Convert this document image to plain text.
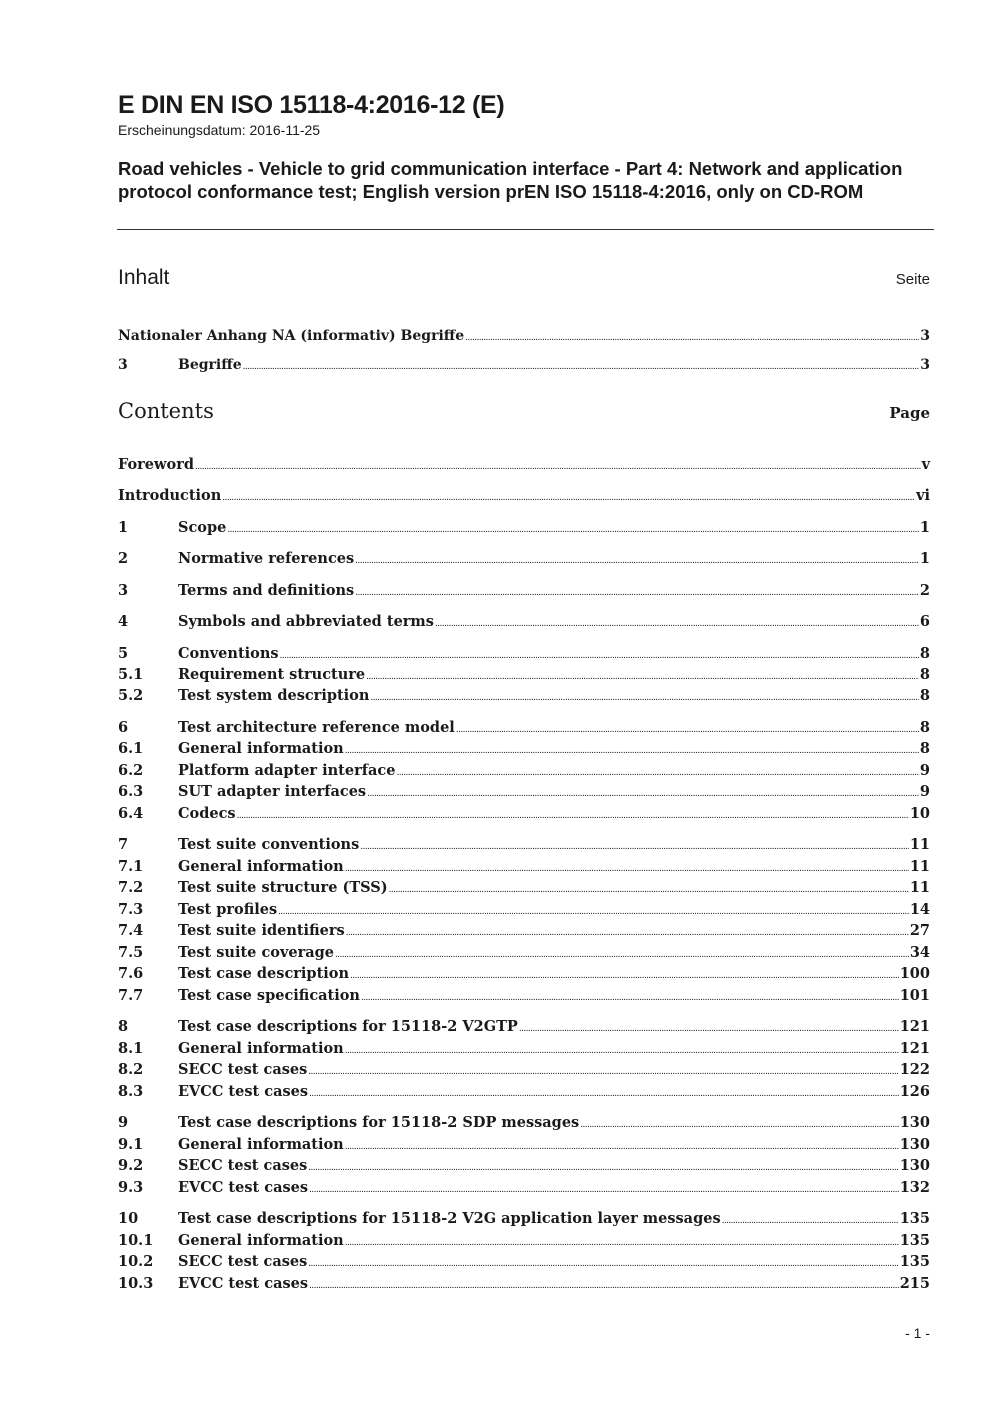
E DIN EN ISO 15118-4:2016-12 (E)
Erscheinungsdatum: 2016-11-25
Road vehicles - Vehicle to grid communication interface - Part 4: Network and application protocol conformance test; English version prEN ISO 15118-4:2016, only on CD-ROM
Inhalt	Seite
Nationaler Anhang NA (informativ) Begriffe .....	3
3	Begriffe .....	3
Contents	Page
Foreword .....	v
Introduction .....	vi
1	Scope .....	1
2	Normative references .....	1
3	Terms and definitions .....	2
4	Symbols and abbreviated terms .....	6
5	Conventions .....	8
5.1	Requirement structure .....	8
5.2	Test system description .....	8
6	Test architecture reference model .....	8
6.1	General information .....	8
6.2	Platform adapter interface .....	9
6.3	SUT adapter interfaces .....	9
6.4	Codecs .....	10
7	Test suite conventions .....	11
7.1	General information .....	11
7.2	Test suite structure (TSS) .....	11
7.3	Test profiles .....	14
7.4	Test suite identifiers .....	27
7.5	Test suite coverage .....	34
7.6	Test case description .....	100
7.7	Test case specification .....	101
8	Test case descriptions for 15118-2 V2GTP .....	121
8.1	General information .....	121
8.2	SECC test cases .....	122
8.3	EVCC test cases .....	126
9	Test case descriptions for 15118-2 SDP messages .....	130
9.1	General information .....	130
9.2	SECC test cases .....	130
9.3	EVCC test cases .....	132
10	Test case descriptions for 15118-2 V2G application layer messages .....	135
10.1	General information .....	135
10.2	SECC test cases .....	135
10.3	EVCC test cases .....	215
- 1 -
